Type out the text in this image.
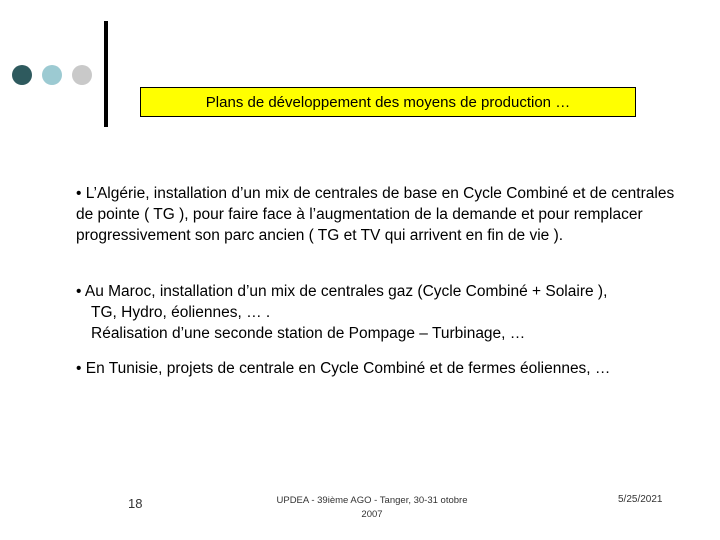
Plans de développement des moyens de production …

• L’Algérie, installation d’un mix de centrales de base en Cycle Combiné et de centrales de pointe ( TG ), pour faire face à l’augmentation de la demande et pour remplacer progressivement son parc ancien ( TG et TV qui arrivent en fin de vie ).

• Au Maroc, installation d’un mix de centrales gaz (Cycle Combiné + Solaire ),
TG, Hydro, éoliennes, … .
Réalisation d’une seconde station de Pompage – Turbinage, …

• En Tunisie, projets de centrale en Cycle Combiné et de fermes éoliennes, …

18	UPDEA - 39ième AGO - Tanger, 30-31 otobre
2007
5/25/2021
